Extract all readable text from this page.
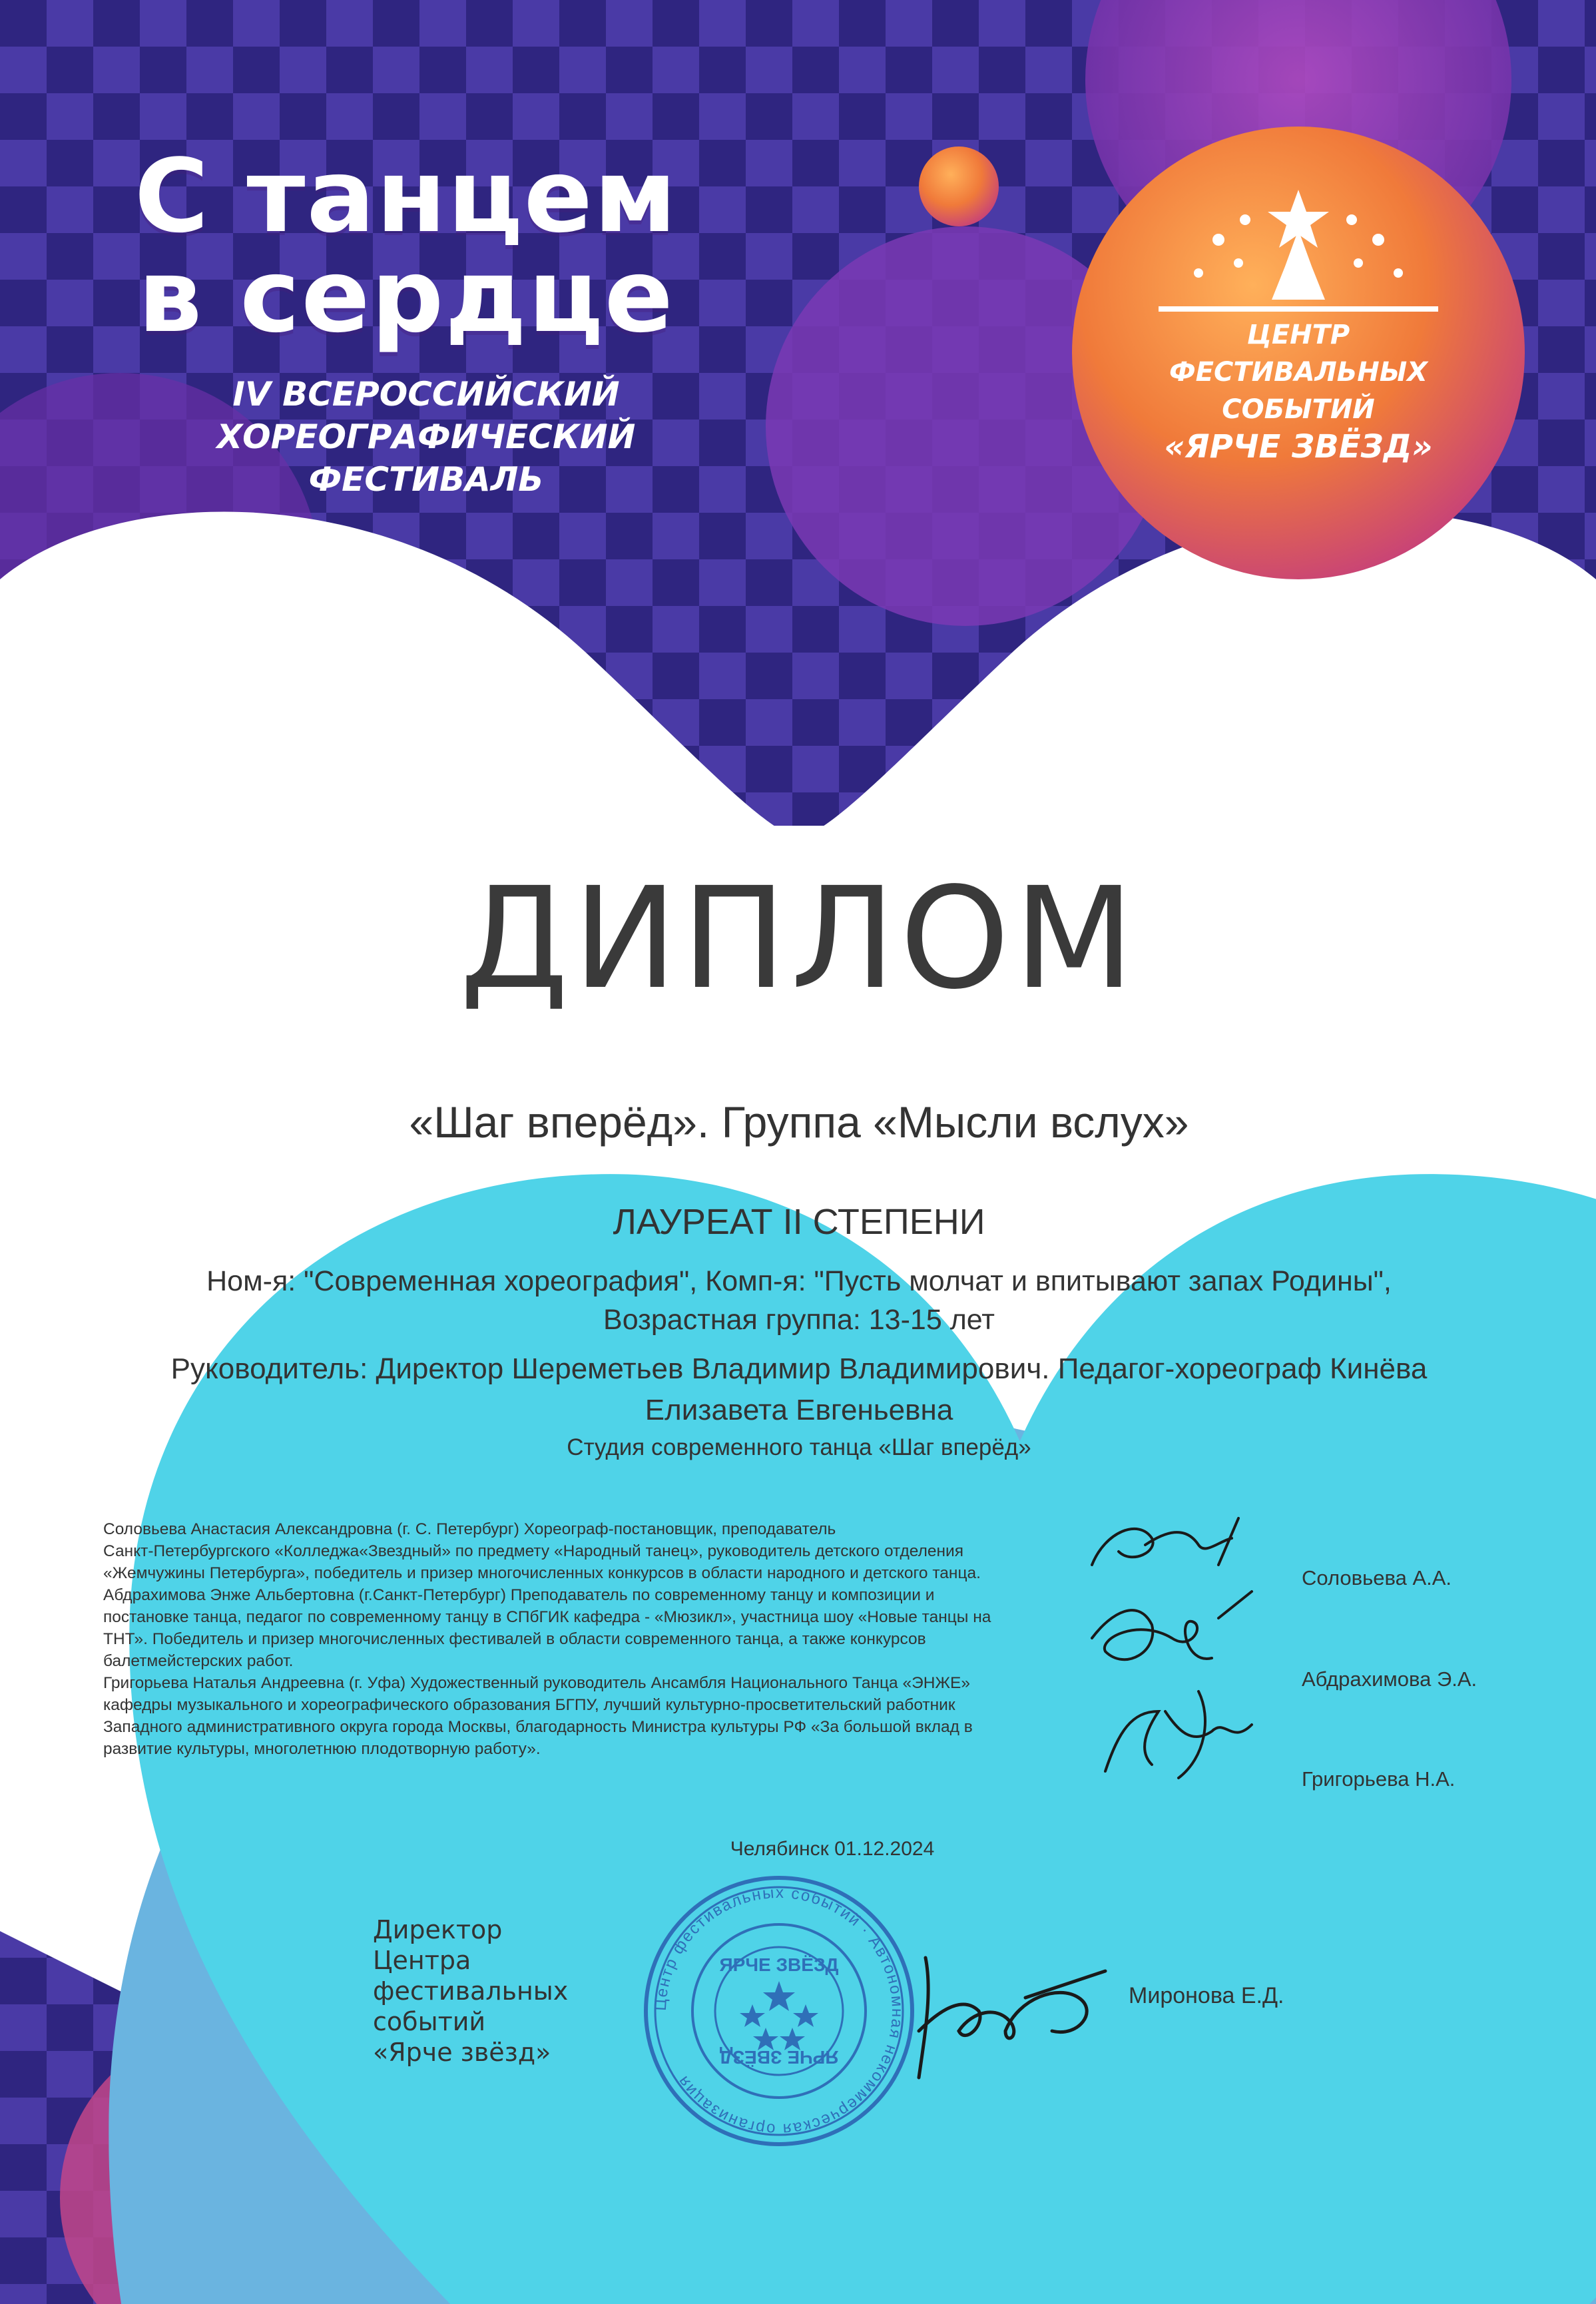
С танцем
в сердце
IV ВСЕРОССИЙСКИЙ
ХОРЕОГРАФИЧЕСКИЙ
ФЕСТИВАЛЬ
ЦЕНТР
ФЕСТИВАЛЬНЫХ
СОБЫТИЙ
«ЯРЧЕ ЗВЁЗД»
ДИПЛОМ
«Шаг вперёд». Группа «Мысли вслух»
ЛАУРЕАТ II СТЕПЕНИ
Ном-я: "Современная хореография", Комп-я: "Пусть молчат и впитывают запах Родины",
Возрастная группа: 13-15 лет
Руководитель: Директор Шереметьев Владимир Владимирович. Педагог-хореограф Кинёва
Елизавета Евгеньевна
Студия современного танца «Шаг вперёд»

Соловьева Анастасия Александровна (г. С. Петербург) Хореограф-постановщик, преподаватель

Санкт-Петербургского «Колледжа«Звездный» по предмету «Народный танец», руководитель детского отделения

«Жемчужины Петербурга», победитель и призер многочисленных конкурсов в области народного и детского танца.

Абдрахимова Энже Альбертовна (г.Санкт-Петербург) Преподаватель по современному танцу и композиции и

постановке танца, педагог по современному танцу в СПбГИК кафедра - «Мюзикл», участница шоу «Новые танцы на

ТНТ». Победитель и призер многочисленных фестивалей в области современного танца, а также конкурсов

балетмейстерских работ.

Григорьева Наталья Андреевна (г. Уфа) Художественный руководитель Ансамбля Национального Танца «ЭНЖЕ»

кафедры музыкального и хореографического образования БГПУ, лучший культурно-просветительский работник

Западного административного округа города Москвы, благодарность Министра культуры РФ «За большой вклад в

развитие культуры, многолетнюю плодотворную работу».

Соловьева А.А.
Абдрахимова Э.А.
Григорьева Н.А.
Челябинск 01.12.2024
Директор
Центра
фестивальных
событий
«Ярче звёзд»
Центр фестивальных событий · Автономная некоммерческая организация
ЯРЧЕ ЗВЁЗД
ЯРЧЕ ЗВЁЗД
Миронова Е.Д.
